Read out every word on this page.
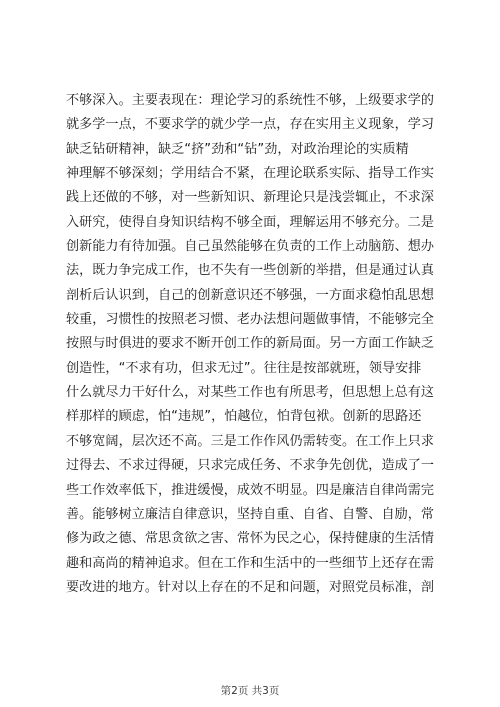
不够深入。主要表现在：理论学习的系统性不够，上级要求学的
就多学一点，不要求学的就少学一点，存在实用主义现象，学习
缺乏钻研精神，缺乏“挤”劲和“钻”劲，对政治理论的实质精
神理解不够深刻；学用结合不紧，在理论联系实际、指导工作实
践上还做的不够，对一些新知识、新理论只是浅尝辄止，不求深
入研究，使得自身知识结构不够全面，理解运用不够充分。二是
创新能力有待加强。自己虽然能够在负责的工作上动脑筋、想办
法，既力争完成工作，也不失有一些创新的举措，但是通过认真
剖析后认识到，自己的创新意识还不够强，一方面求稳怕乱思想
较重，习惯性的按照老习惯、老办法想问题做事情，不能够完全
按照与时俱进的要求不断开创工作的新局面。另一方面工作缺乏
创造性，“不求有功，但求无过”。往往是按部就班，领导安排
什么就尽力干好什么，对某些工作也有所思考，但思想上总有这
样那样的顾虑，怕“违规”，怕越位，怕背包袱。创新的思路还
不够宽阔，层次还不高。三是工作作风仍需转变。在工作上只求
过得去、不求过得硬，只求完成任务、不求争先创优，造成了一
些工作效率低下，推进缓慢，成效不明显。四是廉洁自律尚需完
善。能够树立廉洁自律意识，坚持自重、自省、自警、自励，常
修为政之德、常思贪欲之害、常怀为民之心，保持健康的生活情
趣和高尚的精神追求。但在工作和生活中的一些细节上还存在需
要改进的地方。针对以上存在的不足和问题，对照党员标准，剖
第2页 共3页
